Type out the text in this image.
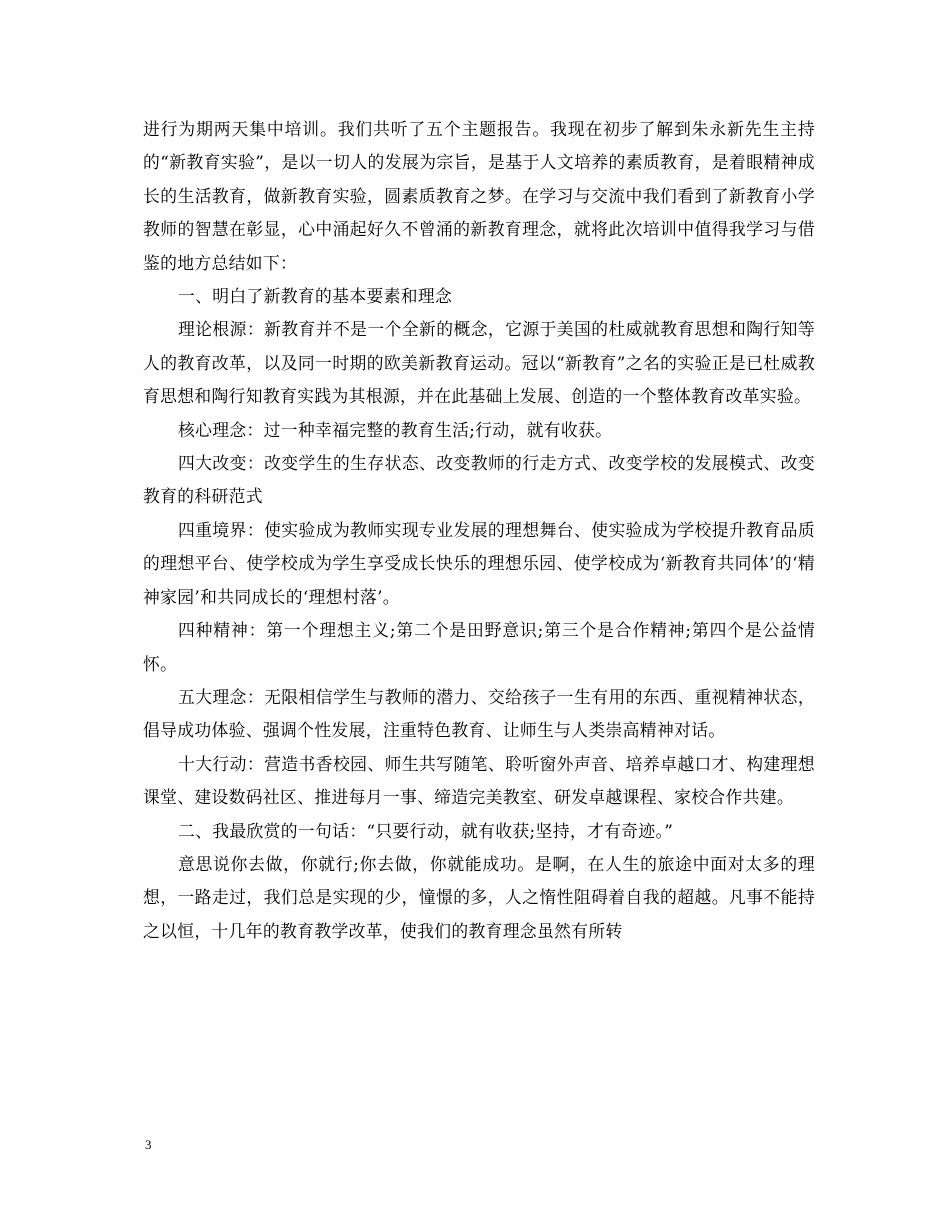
进行为期两天集中培训。我们共听了五个主题报告。我现在初步了解到朱永新先生主持的“新教育实验”，是以一切人的发展为宗旨，是基于人文培养的素质教育，是着眼精神成长的生活教育，做新教育实验，圆素质教育之梦。在学习与交流中我们看到了新教育小学教师的智慧在彰显，心中涌起好久不曾涌的新教育理念，就将此次培训中值得我学习与借鉴的地方总结如下：

一、明白了新教育的基本要素和理念

理论根源：新教育并不是一个全新的概念，它源于美国的杜威就教育思想和陶行知等人的教育改革，以及同一时期的欧美新教育运动。冠以“新教育”之名的实验正是已杜威教育思想和陶行知教育实践为其根源，并在此基础上发展、创造的一个整体教育改革实验。

核心理念：过一种幸福完整的教育生活;行动，就有收获。

四大改变：改变学生的生存状态、改变教师的行走方式、改变学校的发展模式、改变教育的科研范式

四重境界：使实验成为教师实现专业发展的理想舞台、使实验成为学校提升教育品质的理想平台、使学校成为学生享受成长快乐的理想乐园、使学校成为‘新教育共同体’的‘精神家园’和共同成长的‘理想村落’。

四种精神：第一个理想主义;第二个是田野意识;第三个是合作精神;第四个是公益情怀。

五大理念：无限相信学生与教师的潜力、交给孩子一生有用的东西、重视精神状态，倡导成功体验、强调个性发展，注重特色教育、让师生与人类崇高精神对话。

十大行动：营造书香校园、师生共写随笔、聆听窗外声音、培养卓越口才、构建理想课堂、建设数码社区、推进每月一事、缔造完美教室、研发卓越课程、家校合作共建。

二、我最欣赏的一句话：“只要行动，就有收获;坚持，才有奇迹。”

意思说你去做，你就行;你去做，你就能成功。是啊，在人生的旅途中面对太多的理想，一路走过，我们总是实现的少，憧憬的多，人之惰性阻碍着自我的超越。凡事不能持之以恒，十几年的教育教学改革，使我们的教育理念虽然有所转

3
